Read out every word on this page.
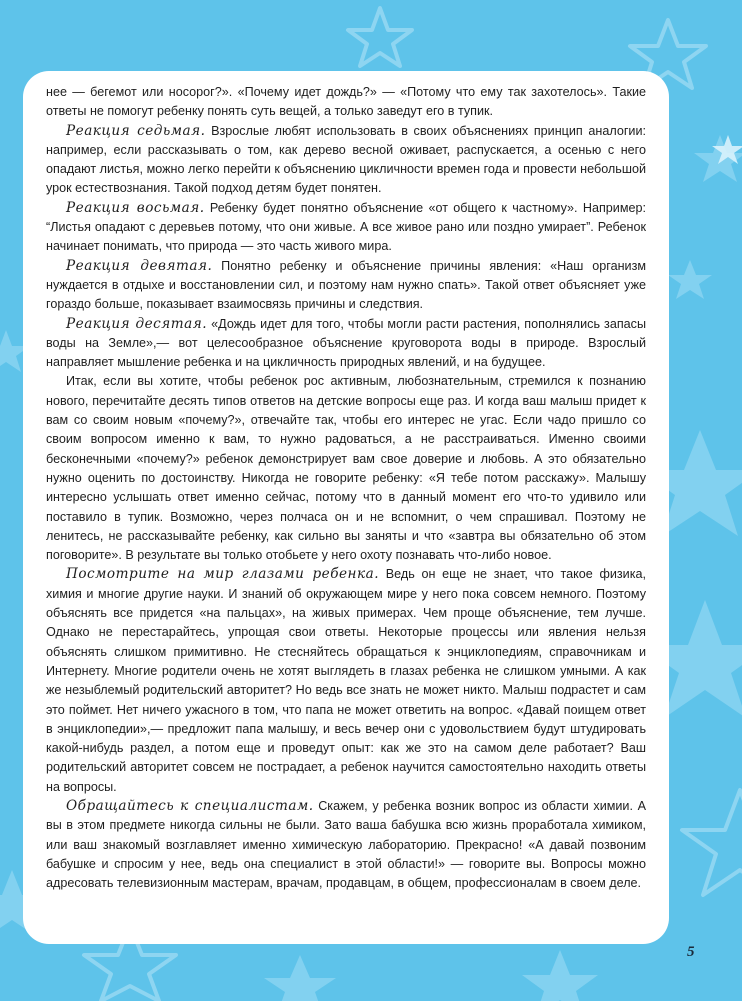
нее — бегемот или носорог?». «Почему идет дождь?» — «Потому что ему так захотелось». Такие ответы не помогут ребенку понять суть вещей, а только заведут его в тупик.

Реакция седьмая. Взрослые любят использовать в своих объяснениях принцип аналогии: например, если рассказывать о том, как дерево весной оживает, распускается, а осенью с него опадают листья, можно легко перейти к объяснению цикличности времен года и провести небольшой урок естествознания. Такой подход детям будет понятен.

Реакция восьмая. Ребенку будет понятно объяснение «от общего к частному». Например: “Листья опадают с деревьев потому, что они живые. А все живое рано или поздно умирает”. Ребенок начинает понимать, что природа — это часть живого мира.

Реакция девятая. Понятно ребенку и объяснение причины явления: «Наш организм нуждается в отдыхе и восстановлении сил, и поэтому нам нужно спать». Такой ответ объясняет уже гораздо больше, показывает взаимосвязь причины и следствия.

Реакция десятая. «Дождь идет для того, чтобы могли расти растения, пополнялись запасы воды на Земле»,— вот целесообразное объяснение круговорота воды в природе. Взрослый направляет мышление ребенка и на цикличность природных явлений, и на будущее.

Итак, если вы хотите, чтобы ребенок рос активным, любознательным, стремился к познанию нового, перечитайте десять типов ответов на детские вопросы еще раз. И когда ваш малыш придет к вам со своим новым «почему?», отвечайте так, чтобы его интерес не угас. Если чадо пришло со своим вопросом именно к вам, то нужно радоваться, а не расстраиваться. Именно своими бесконечными «почему?» ребенок демонстрирует вам свое доверие и любовь. А это обязательно нужно оценить по достоинству. Никогда не говорите ребенку: «Я тебе потом расскажу». Малышу интересно услышать ответ именно сейчас, потому что в данный момент его что-то удивило или поставило в тупик. Возможно, через полчаса он и не вспомнит, о чем спрашивал. Поэтому не ленитесь, не рассказывайте ребенку, как сильно вы заняты и что «завтра вы обязательно об этом поговорите». В результате вы только отобьете у него охоту познавать что-либо новое.

Посмотрите на мир глазами ребенка. Ведь он еще не знает, что такое физика, химия и многие другие науки. И знаний об окружающем мире у него пока совсем немного. Поэтому объяснять все придется «на пальцах», на живых примерах. Чем проще объяснение, тем лучше. Однако не перестарайтесь, упрощая свои ответы. Некоторые процессы или явления нельзя объяснять слишком примитивно. Не стесняйтесь обращаться к энциклопедиям, справочникам и Интернету. Многие родители очень не хотят выглядеть в глазах ребенка не слишком умными. А как же незыблемый родительский авторитет? Но ведь все знать не может никто. Малыш подрастет и сам это поймет. Нет ничего ужасного в том, что папа не может ответить на вопрос. «Давай поищем ответ в энциклопедии»,— предложит папа малышу, и весь вечер они с удовольствием будут штудировать какой-нибудь раздел, а потом еще и проведут опыт: как же это на самом деле работает? Ваш родительский авторитет совсем не пострадает, а ребенок научится самостоятельно находить ответы на вопросы.

Обращайтесь к специалистам. Скажем, у ребенка возник вопрос из области химии. А вы в этом предмете никогда сильны не были. Зато ваша бабушка всю жизнь проработала химиком, или ваш знакомый возглавляет именно химическую лабораторию. Прекрасно! «А давай позвоним бабушке и спросим у нее, ведь она специалист в этой области!» — говорите вы. Вопросы можно адресовать телевизионным мастерам, врачам, продавцам, в общем, профессионалам в своем деле.

5
